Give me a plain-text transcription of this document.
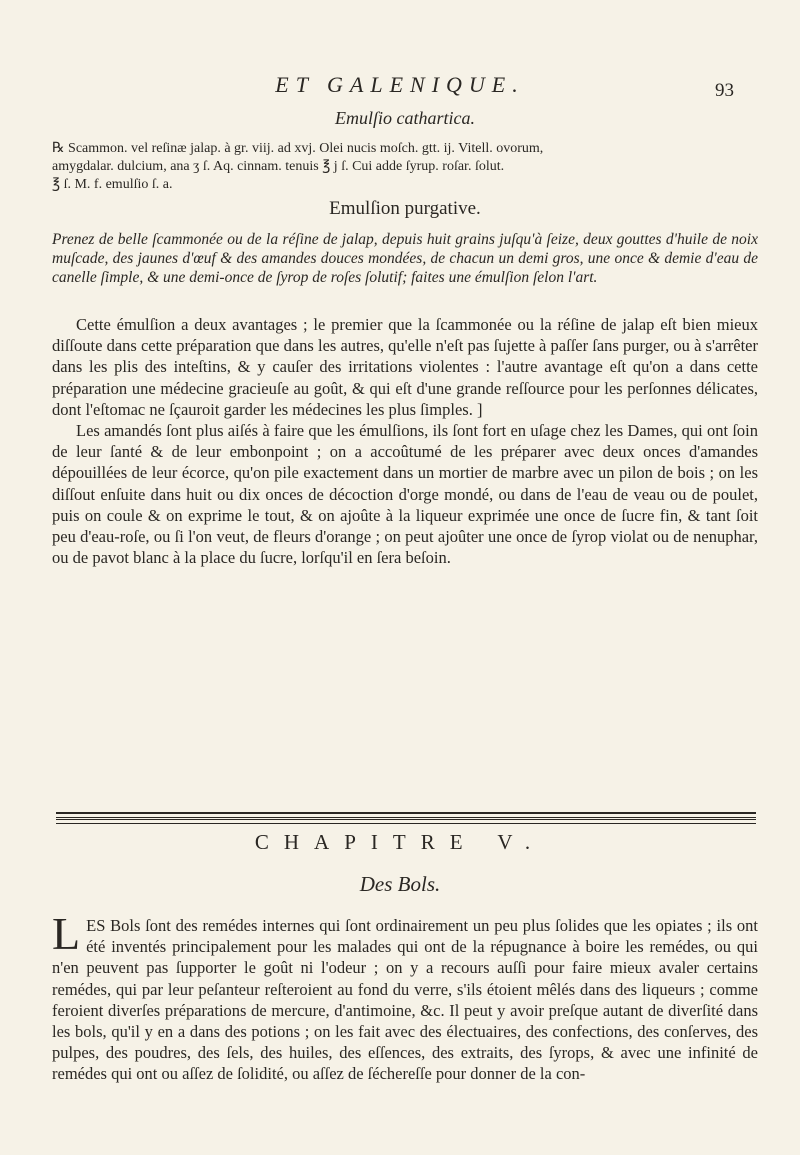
ET GALENIQUE.	93
Emulſio cathartica.

℞ Scammon. vel reſinæ jalap. à gr. viij. ad xvj. Olei nucis moſch. gtt. ij. Vitell. ovorum,

amygdalar. dulcium, ana ʒ ſ. Aq. cinnam. tenuis ℥ j ſ. Cui adde ſyrup. roſar. ſolut.

℥ ſ. M. f. emulſio ſ. a.

Emulſion purgative.
Prenez de belle ſcammonée ou de la réſine de jalap, depuis huit grains juſqu'à ſeize, deux gouttes d'huile de noix muſcade, des jaunes d'œuf & des amandes douces mondées, de chacun un demi gros, une once & demie d'eau de canelle ſimple, & une demi-once de ſyrop de roſes ſolutif; faites une émulſion ſelon l'art.

Cette émulſion a deux avantages ; le premier que la ſcammonée ou la réſine de jalap eſt bien mieux diſſoute dans cette préparation que dans les autres, qu'elle n'eſt pas ſujette à paſſer ſans purger, ou à s'arrêter dans les plis des inteſtins, & y cauſer des irritations violentes : l'autre avantage eſt qu'on a dans cette préparation une médecine gracieuſe au goût, & qui eſt d'une grande reſſource pour les perſonnes délicates, dont l'eſtomac ne ſçauroit garder les médecines les plus ſimples. ]

Les amandés ſont plus aiſés à faire que les émulſions, ils ſont fort en uſage chez les Dames, qui ont ſoin de leur ſanté & de leur embonpoint ; on a accoûtumé de les préparer avec deux onces d'amandes dépouillées de leur écorce, qu'on pile exactement dans un mortier de marbre avec un pilon de bois ; on les diſſout enſuite dans huit ou dix onces de décoction d'orge mondé, ou dans de l'eau de veau ou de poulet, puis on coule & on exprime le tout, & on ajoûte à la liqueur exprimée une once de ſucre fin, & tant ſoit peu d'eau-roſe, ou ſi l'on veut, de fleurs d'orange ; on peut ajoûter une once de ſyrop violat ou de nenuphar, ou de pavot blanc à la place du ſucre, lorſqu'il en ſera beſoin.

CHAPITRE V.
Des Bols.
LES Bols ſont des remédes internes qui ſont ordinairement un peu plus ſolides que les opiates ; ils ont été inventés principalement pour les malades qui ont de la répugnance à boire les remédes, ou qui n'en peuvent pas ſupporter le goût ni l'odeur ; on y a recours auſſi pour faire mieux avaler certains remédes, qui par leur peſanteur reſteroient au fond du verre, s'ils étoient mêlés dans des liqueurs ; comme feroient diverſes préparations de mercure, d'antimoine, &c. Il peut y avoir preſque autant de diverſité dans les bols, qu'il y en a dans des potions ; on les fait avec des électuaires, des confections, des conſerves, des pulpes, des poudres, des ſels, des huiles, des eſſences, des extraits, des ſyrops, & avec une infinité de remédes qui ont ou aſſez de ſolidité, ou aſſez de ſéchereſſe pour donner de la con-
